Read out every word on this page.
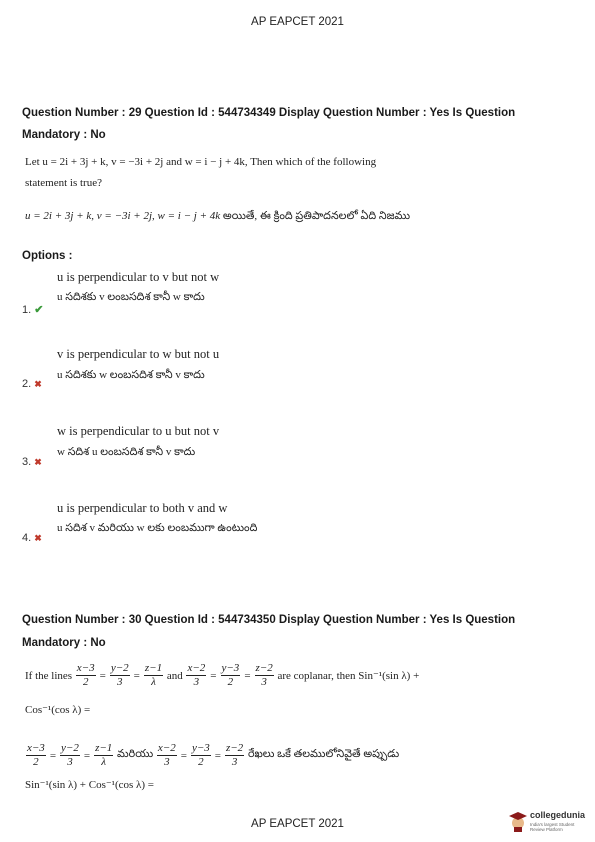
AP EAPCET 2021
Question Number : 29 Question Id : 544734349 Display Question Number : Yes Is Question
Mandatory : No
Let u = 2i + 3j + k, v = −3i + 2j and w = i − j + 4k, Then which of the following
statement is true?
u = 2i + 3j + k, v = −3i + 2j, w = i − j + 4k అయితే, ఈ క్రింది ప్రతిపాదనలలో ఏది నిజము
Options :
u is perpendicular to v but not w
u సదిశకు v లంబసదిశ కానీ w కాదు
1. ✔
v is perpendicular to w but not u
u సదిశకు w లంబసదిశ కానీ v కాదు
2. ✖
w is perpendicular to u but not v
w సదిశ u లంబసదిశ కానీ v కాదు
3. ✖
u is perpendicular to both v and w
u సదిశ v మరియు w లకు లంబముగా ఉంటుంది
4. ✖
Question Number : 30 Question Id : 544734350 Display Question Number : Yes Is Question
Mandatory : No
If the lines $\frac{x-3}{2} = \frac{y-2}{3} = \frac{z-1}{\lambda}$ and $\frac{x-2}{3} = \frac{y-3}{2} = \frac{z-2}{3}$ are coplanar, then Sin⁻¹(sin λ) +
Cos⁻¹(cos λ) =
$\frac{x-3}{2} = \frac{y-2}{3} = \frac{z-1}{\lambda}$ మరియు $\frac{x-2}{3} = \frac{y-3}{2} = \frac{z-2}{3}$ రేఖలు ఒకే తలములోనివైతే అప్పుడు
Sin⁻¹(sin λ) + Cos⁻¹(cos λ) =
AP EAPCET 2021
collegedunia
India's largest Student Review Platform
